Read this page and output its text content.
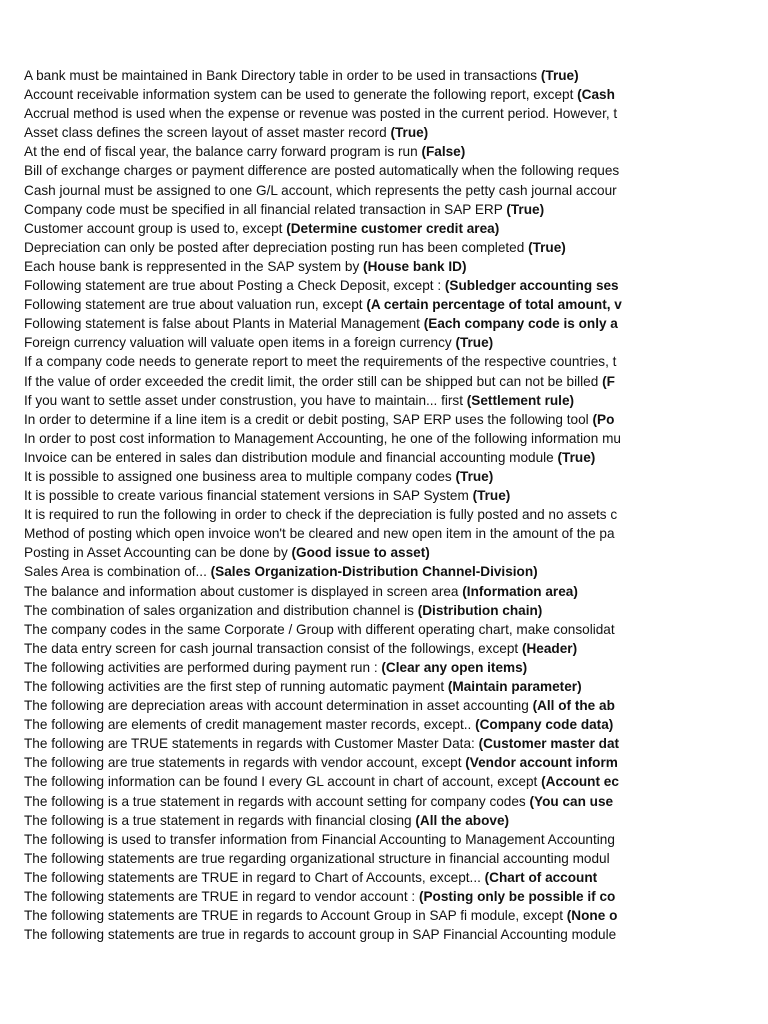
A bank must be maintained in Bank Directory table in order to be used in transactions (True)
Account receivable information system can be used to generate the following report, except (Cash
Accrual method is used when the expense or revenue was posted in the current period. However, t
Asset class defines the screen layout of asset master record (True)
At the end of fiscal year, the balance carry forward program is run (False)
Bill of exchange charges or payment difference are posted automatically when the following reques
Cash journal must be assigned to one G/L account, which represents the petty cash journal accour
Company code must be specified in all financial related transaction in SAP ERP (True)
Customer account group is used to, except (Determine customer credit area)
Depreciation can only be posted after depreciation posting run has been completed (True)
Each house bank is reppresented in the SAP system by (House bank ID)
Following statement are true about Posting a Check Deposit, except : (Subledger accounting ses
Following statement are true about valuation run, except (A certain percentage of total amount, v
Following statement is false about Plants in Material Management (Each company code is only a
Foreign currency valuation will valuate open items in a foreign currency (True)
If a company code needs to generate report to meet the requirements of the respective countries, t
If the value of order exceeded the credit limit, the order still can be shipped but can not be billed (F
If you want to settle asset under construstion, you have to maintain... first (Settlement rule)
In order to determine if a line item is a credit or debit posting, SAP ERP uses the following tool (Po
In order to post cost information to Management Accounting, he one of the following information mu
Invoice can be entered in sales dan distribution module and financial accounting module (True)
It is possible to assigned one business area to multiple company codes (True)
It is possible to create various financial statement versions in SAP System (True)
It is required to run the following in order to check if the depreciation is fully posted and no assets c
Method of posting which open invoice won't be cleared and new open item in the amount of the pa
Posting in Asset Accounting can be done by (Good issue to asset)
Sales Area is combination of... (Sales Organization-Distribution Channel-Division)
The balance and information about customer is displayed in screen area (Information area)
The combination of sales organization and distribution channel is (Distribution chain)
The company codes in the same Corporate / Group with different operating chart, make consolidat
The data entry screen for cash journal transaction consist of the followings, except (Header)
The following activities are performed during payment run : (Clear any open items)
The following activities are the first step of running automatic payment (Maintain parameter)
The following are depreciation areas with account determination in asset accounting (All of the ab
The following are elements of credit management master records, except.. (Company code data)
The following are TRUE statements in regards with Customer Master Data: (Customer master dat
The following are true statements in regards with vendor account, except (Vendor account inform
The following information can be found I every GL account in chart of account, except (Account ec
The following is a true statement in regards with account setting for company codes (You can use
The following is a true statement in regards with financial closing (All the above)
The following is used to transfer information from Financial Accounting to Management Accounting
The following statements are true regarding organizational structure in financial accounting modul
The following statements are TRUE in regard to Chart of Accounts, except... (Chart of account
The following statements are TRUE in regard to vendor account : (Posting only be possible if co
The following statements are TRUE in regards to Account Group in SAP fi module, except (None o
The following statements are true in regards to account group in SAP Financial Accounting module
